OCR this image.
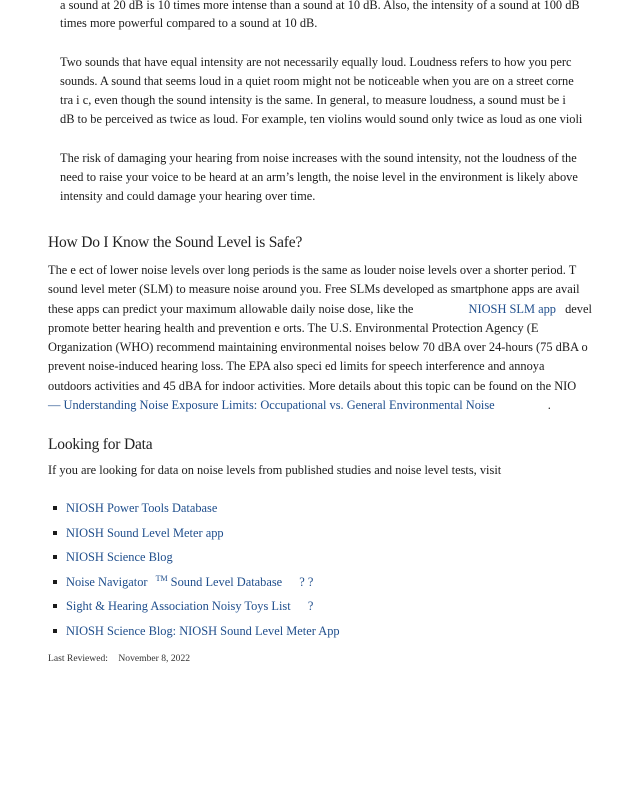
a sound at 20 dB is 10 times more intense than a sound at 10 dB. Also, the intensity of a sound at 100 dB
times more powerful compared to a sound at 10 dB.
Two sounds that have equal intensity are not necessarily equally loud. Loudness refers to how you perc
sounds. A sound that seems loud in a quiet room might not be noticeable when you are on a street corne
tra i c, even though the sound intensity is the same. In general, to measure loudness, a sound must be i
dB to be perceived as twice as loud. For example, ten violins would sound only twice as loud as one violi
The risk of damaging your hearing from noise increases with the sound intensity, not the loudness of the
need to raise your voice to be heard at an arm’s length, the noise level in the environment is likely above
intensity and could damage your hearing over time.
How Do I Know the Sound Level is Safe?
The e ect of lower noise levels over long periods is the same as louder noise levels over a shorter period. T
sound level meter (SLM) to measure noise around you. Free SLMs developed as smartphone apps are avail
these apps can predict your maximum allowable daily noise dose, like the	NIOSH SLM app devel
promote better hearing health and prevention e orts. The U.S. Environmental Protection Agency (E
Organization (WHO) recommend maintaining environmental noises below 70 dBA over 24-hours (75 dBA o
prevent noise-induced hearing loss. The EPA also speci ed limits for speech interference and annoya
outdoors activities and 45 dBA for indoor activities. More details about this topic can be found on the NIO
— Understanding Noise Exposure Limits: Occupational vs. General Environmental Noise	.
Looking for Data
If you are looking for data on noise levels from published studies and noise level tests, visit
NIOSH Power Tools Database
NIOSH Sound Level Meter app
NIOSH Science Blog
Noise Navigator ™ Sound Level Database ? ?
Sight & Hearing Association Noisy Toys List ?
NIOSH Science Blog: NIOSH Sound Level Meter App
Last Reviewed: November 8, 2022
